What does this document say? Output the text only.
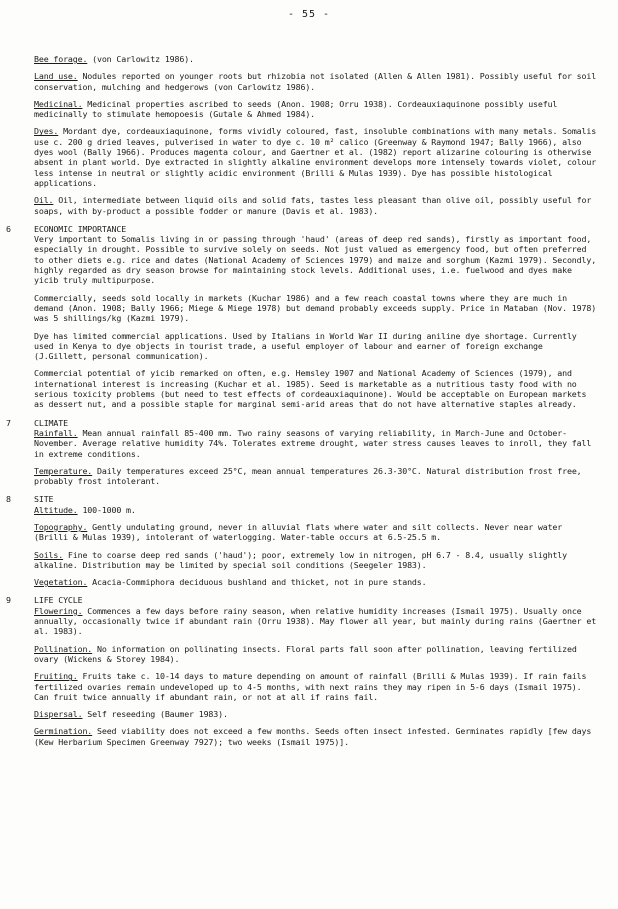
- 55 -

Bee forage. (von Carlowitz 1986).

Land use. Nodules reported on younger roots but rhizobia not isolated (Allen & Allen 1981). Possibly useful for soil conservation, mulching and hedgerows (von Carlowitz 1986).

Medicinal. Medicinal properties ascribed to seeds (Anon. 1908; Orru 1938). Cordeauxiaquinone possibly useful medicinally to stimulate hemopoesis (Gutale & Ahmed 1984).

Dyes. Mordant dye, cordeauxiaquinone, forms vividly coloured, fast, insoluble combinations with many metals. Somalis use c. 200 g dried leaves, pulverised in water to dye c. 10 m² calico (Greenway & Raymond 1947; Bally 1966), also dyes wool (Bally 1966). Produces magenta colour, and Gaertner et al. (1982) report alizarine colouring is otherwise absent in plant world. Dye extracted in slightly alkaline environment develops more intensely towards violet, colour less intense in neutral or slightly acidic environment (Brilli & Mulas 1939). Dye has possible histological applications.

Oil. Oil, intermediate between liquid oils and solid fats, tastes less pleasant than olive oil, possibly useful for soaps, with by-product a possible fodder or manure (Davis et al. 1983).

6	ECONOMIC IMPORTANCE

Very important to Somalis living in or passing through 'haud' (areas of deep red sands), firstly as important food, especially in drought. Possible to survive solely on seeds. Not just valued as emergency food, but often preferred to other diets e.g. rice and dates (National Academy of Sciences 1979) and maize and sorghum (Kazmi 1979). Secondly, highly regarded as dry season browse for maintaining stock levels. Additional uses, i.e. fuelwood and dyes make yicib truly multipurpose.

Commercially, seeds sold locally in markets (Kuchar 1986) and a few reach coastal towns where they are much in demand (Anon. 1908; Bally 1966; Miege & Miege 1978) but demand probably exceeds supply. Price in Mataban (Nov. 1978) was 5 shillings/kg (Kazmi 1979).

Dye has limited commercial applications. Used by Italians in World War II during aniline dye shortage. Currently used in Kenya to dye objects in tourist trade, a useful employer of labour and earner of foreign exchange (J.Gillett, personal communication).

Commercial potential of yicib remarked on often, e.g. Hemsley 1907 and National Academy of Sciences (1979), and international interest is increasing (Kuchar et al. 1985). Seed is marketable as a nutritious tasty food with no serious toxicity problems (but need to test effects of cordeauxiaquinone). Would be acceptable on European markets as dessert nut, and a possible staple for marginal semi-arid areas that do not have alternative staples already.

7	CLIMATE

Rainfall. Mean annual rainfall 85-400 mm. Two rainy seasons of varying reliability, in March-June and October-November. Average relative humidity 74%. Tolerates extreme drought, water stress causes leaves to inroll, they fall in extreme conditions.

Temperature. Daily temperatures exceed 25°C, mean annual temperatures 26.3-30°C. Natural distribution frost free, probably frost intolerant.

8	SITE

Altitude. 100-1000 m.

Topography. Gently undulating ground, never in alluvial flats where water and silt collects. Never near water (Brilli & Mulas 1939), intolerant of waterlogging. Water-table occurs at 6.5-25.5 m.

Soils. Fine to coarse deep red sands ('haud'); poor, extremely low in nitrogen, pH 6.7 - 8.4, usually slightly alkaline. Distribution may be limited by special soil conditions (Seegeler 1983).

Vegetation. Acacia-Commiphora deciduous bushland and thicket, not in pure stands.

9	LIFE CYCLE

Flowering. Commences a few days before rainy season, when relative humidity increases (Ismail 1975). Usually once annually, occasionally twice if abundant rain (Orru 1938). May flower all year, but mainly during rains (Gaertner et al. 1983).

Pollination. No information on pollinating insects. Floral parts fall soon after pollination, leaving fertilized ovary (Wickens & Storey 1984).

Fruiting. Fruits take c. 10-14 days to mature depending on amount of rainfall (Brilli & Mulas 1939). If rain fails fertilized ovaries remain undeveloped up to 4-5 months, with next rains they may ripen in 5-6 days (Ismail 1975). Can fruit twice annually if abundant rain, or not at all if rains fail.

Dispersal. Self reseeding (Baumer 1983).

Germination. Seed viability does not exceed a few months. Seeds often insect infested. Germinates rapidly [few days (Kew Herbarium Specimen Greenway 7927); two weeks (Ismail 1975)].
